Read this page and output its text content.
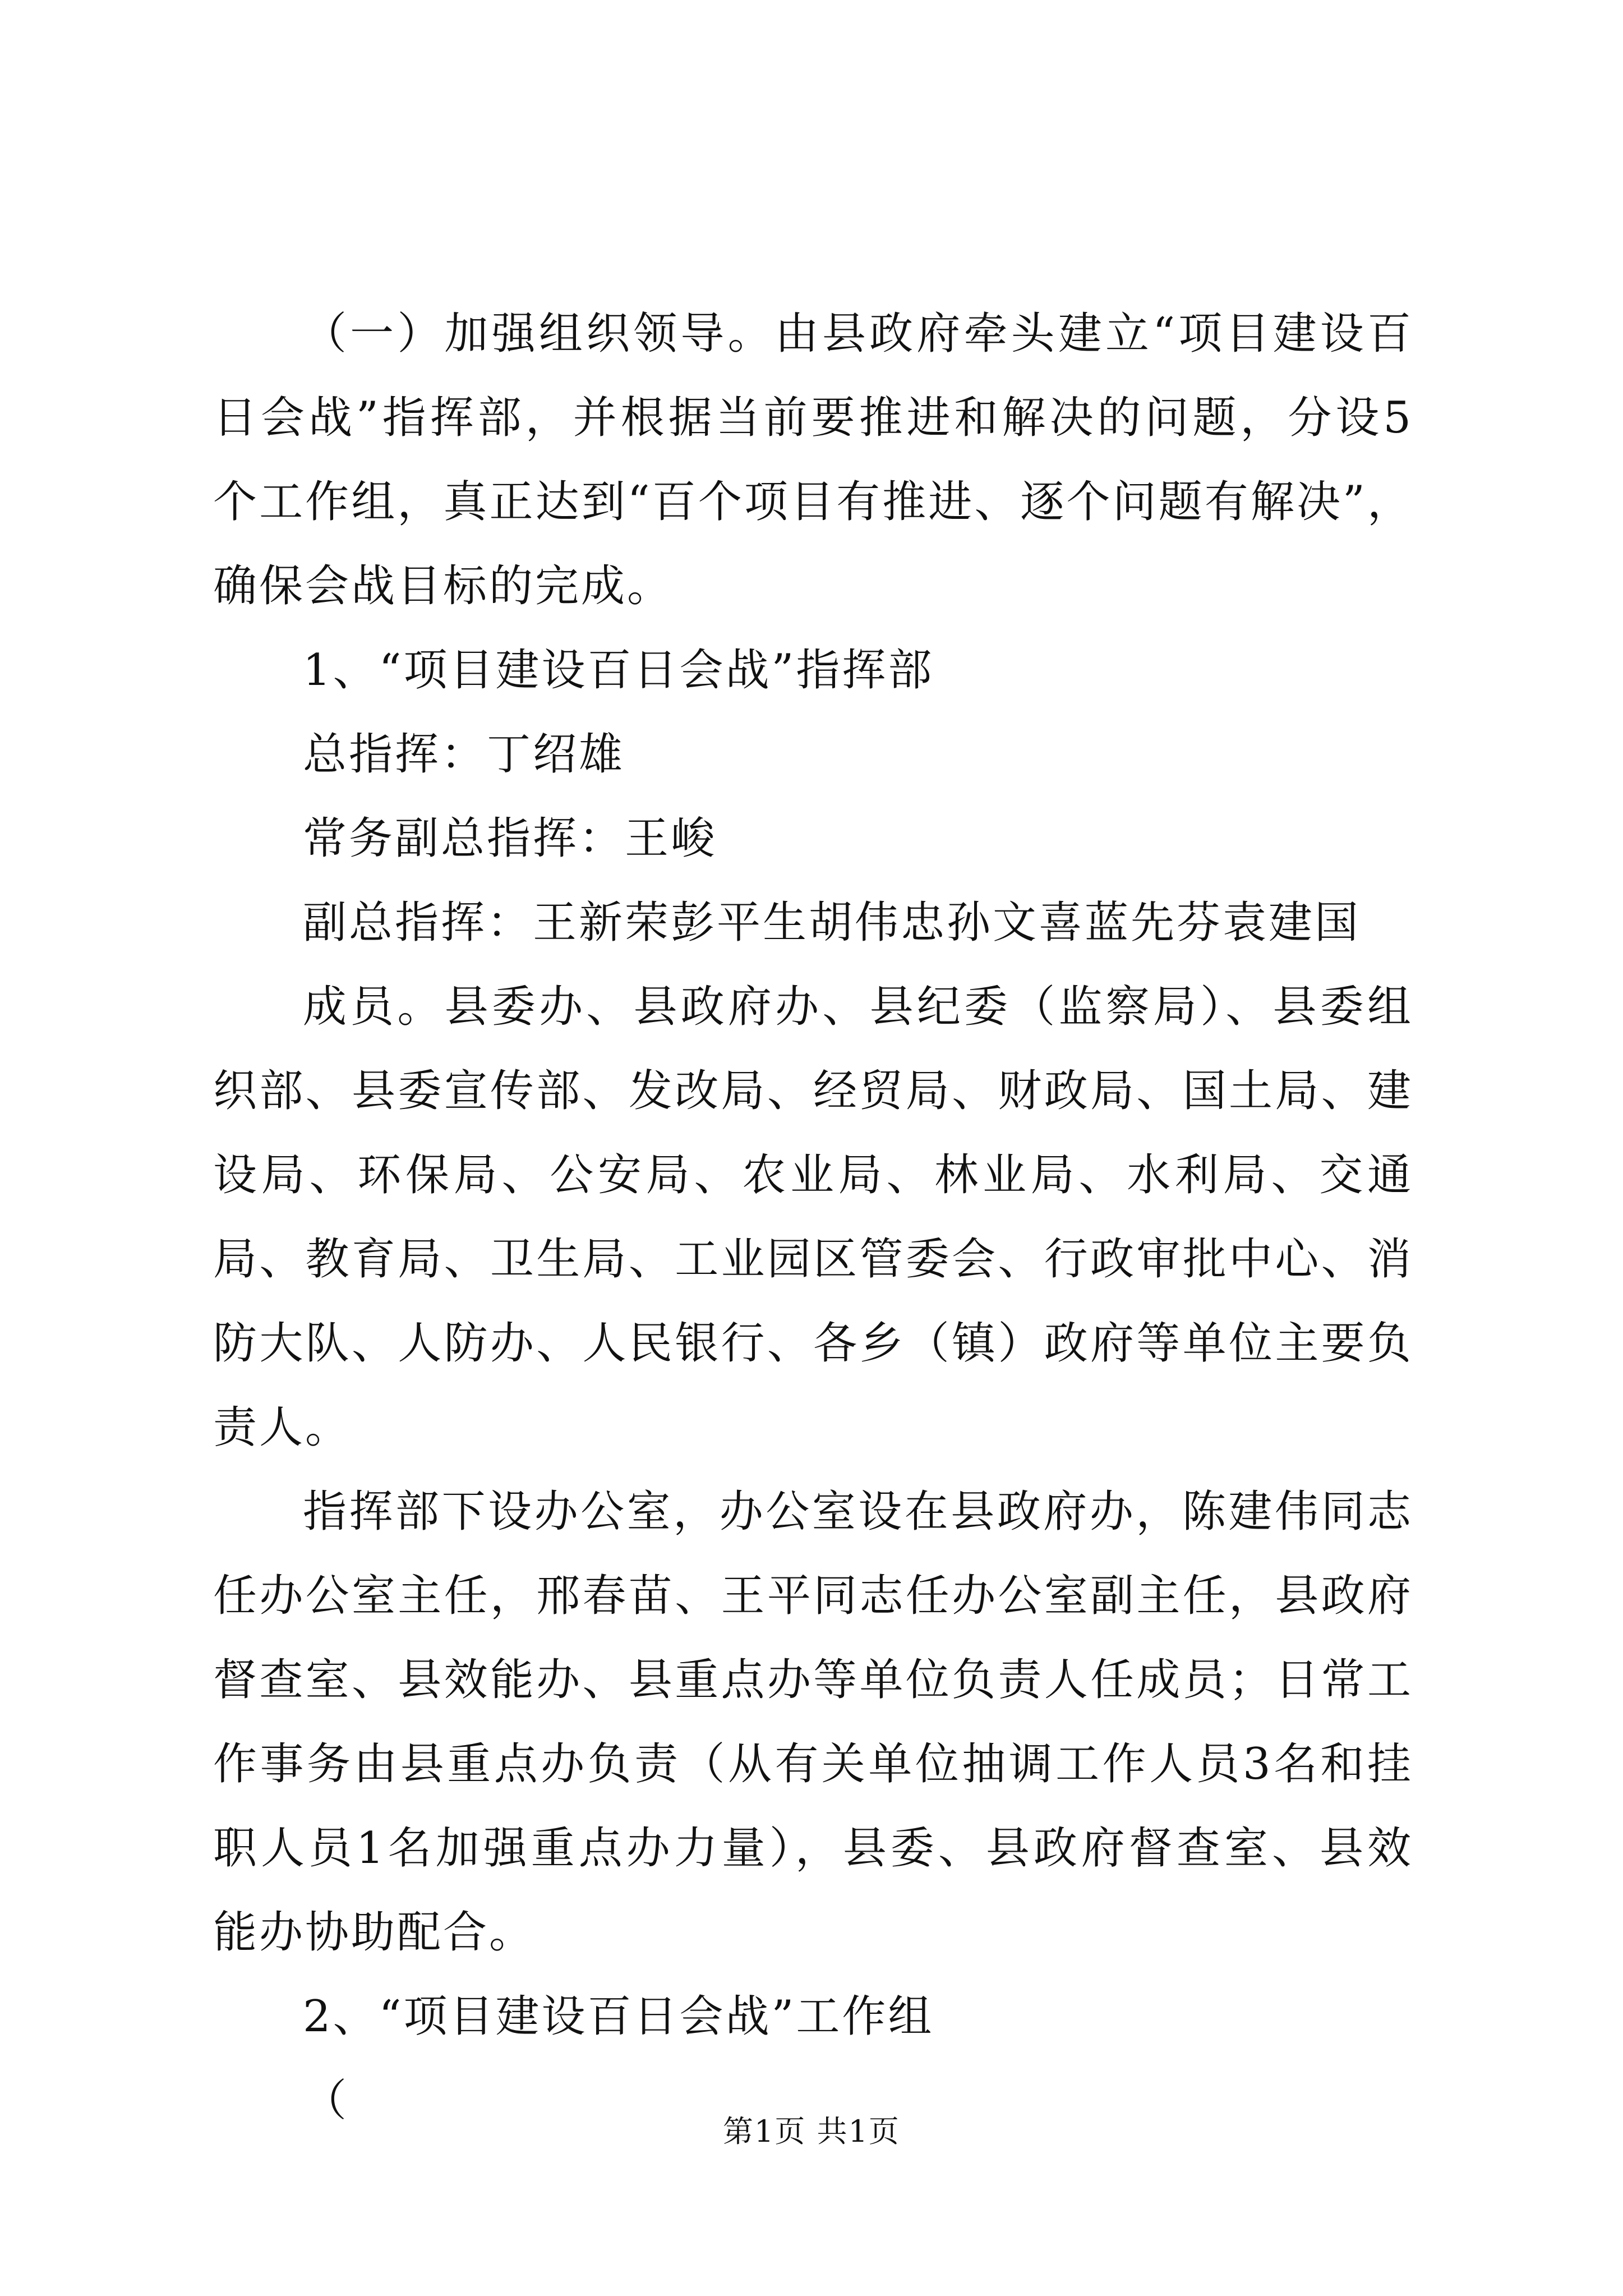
（一）加强组织领导。由县政府牵头建立“项目建设百日会战”指挥部，并根据当前要推进和解决的问题，分设5个工作组，真正达到“百个项目有推进、逐个问题有解决”，确保会战目标的完成。

1、“项目建设百日会战”指挥部

总指挥：丁绍雄

常务副总指挥：王峻

副总指挥：王新荣彭平生胡伟忠孙文喜蓝先芬袁建国

成员。县委办、县政府办、县纪委（监察局）、县委组织部、县委宣传部、发改局、经贸局、财政局、国土局、建设局、环保局、公安局、农业局、林业局、水利局、交通局、教育局、卫生局、工业园区管委会、行政审批中心、消防大队、人防办、人民银行、各乡（镇）政府等单位主要负责人。

指挥部下设办公室，办公室设在县政府办，陈建伟同志任办公室主任，邢春苗、王平同志任办公室副主任，县政府督查室、县效能办、县重点办等单位负责人任成员；日常工作事务由县重点办负责（从有关单位抽调工作人员3名和挂职人员1名加强重点办力量），县委、县政府督查室、县效能办协助配合。

2、“项目建设百日会战”工作组

（

第1页 共1页
